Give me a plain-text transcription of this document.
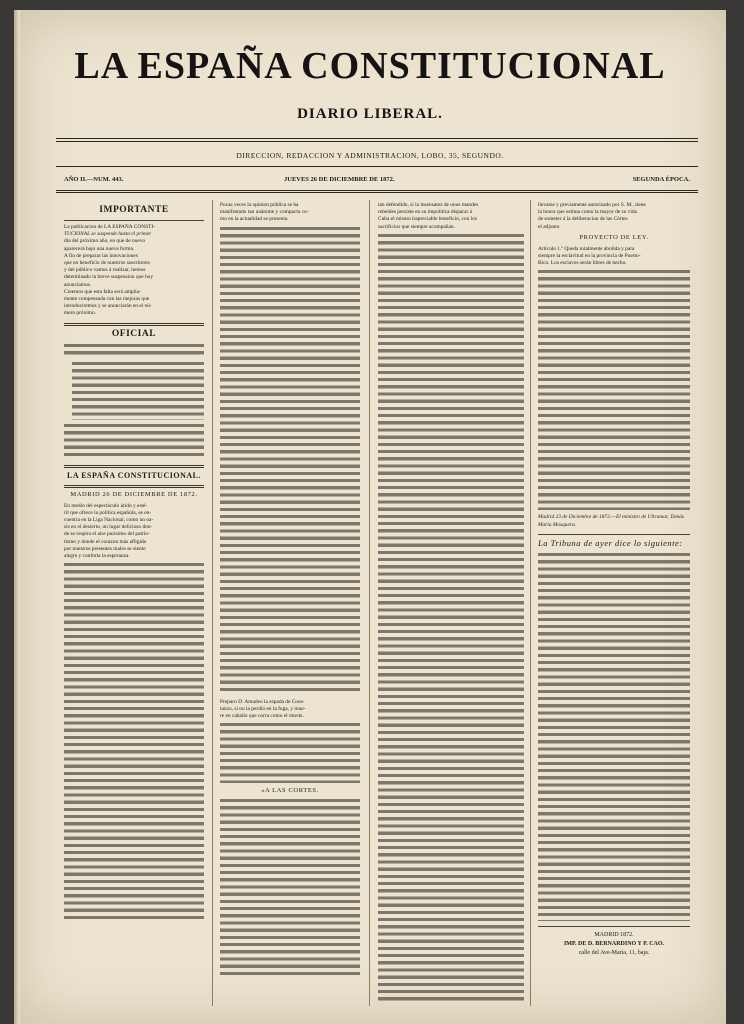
LA ESPAÑA CONSTITUCIONAL
DIARIO LIBERAL.
DIRECCION, REDACCION Y ADMINISTRACION, LOBO, 35, SEGUNDO.
AÑO II.—NUM. 443.	JUEVES 26 DE DICIEMBRE DE 1872.	SEGUNDA ÉPOCA.
IMPORTANTE
La publicacion de LA ESPAÑA CONSTI-
TUCIONAL se suspende hasta el primer
dia del próximo año, en que de nuevo
aparecerá bajo una nueva forma.
A fin de preparar las innovaciones
que en beneficio de nuestros suscritores
y del público vamos á realizar, hemos
determinado la breve suspension que hoy
anunciamos.
Creemos que esta falta será amplia-
mente compensada con las mejoras que
introduciremos y se anunciarán en el nú-
mero próximo.
OFICIAL
LA ESPAÑA CONSTITUCIONAL.
MADRID 26 DE DICIEMBRE DE 1872.
En medio del espectáculo árido y esté-
ril que ofrece la política española, se en-
cuentra en la Liga Nacional, como un oa-
sis en el desierto, un lugar delicioso don-
de se respira el aire purísimo del patrio-
tismo y donde el corazon más afligido
por nuestros presentes males se siente
alegre y conforta la esperanza.
Pocas veces la opinion pública se ha
manifestado tan unánime y compacta co-
mo en la actualidad se presenta.
Preparo D. Amadeo la espada de Cons-
tanzo, si no la perdió en la fuga, y mue-
re en caballo que corra como el miedo.
«A LAS CORTES.
tan defendido, si la insensatez de unos mandes
rebeldes persiste en su impolitica disparar á
Cuba el mismo irapreciable beneficio, con los
sacrificios que siempre acompañan.
llevarse y previamente autorizado por S. M., tiene
la honra que estima como la mayor de su vida
de someter á la deliberacion de las Córtes
el adjunto
PROYECTO DE LEY.
Artículo 1.º Queda totalmente abolida y para
siempre la esclavitud en la provincia de Puerto-
Rico. Los esclavos serán libres de hecho.
Madrid 23 de Diciembre de 1872.—El ministro de Ultramar, Tomás María Mosquera.
La Tribuna de ayer dice lo siguiente:
MADRID 1872.
IMP. DE D. BERNARDINO Y P. CAO.
calle del Ave-María, 11, baja.
